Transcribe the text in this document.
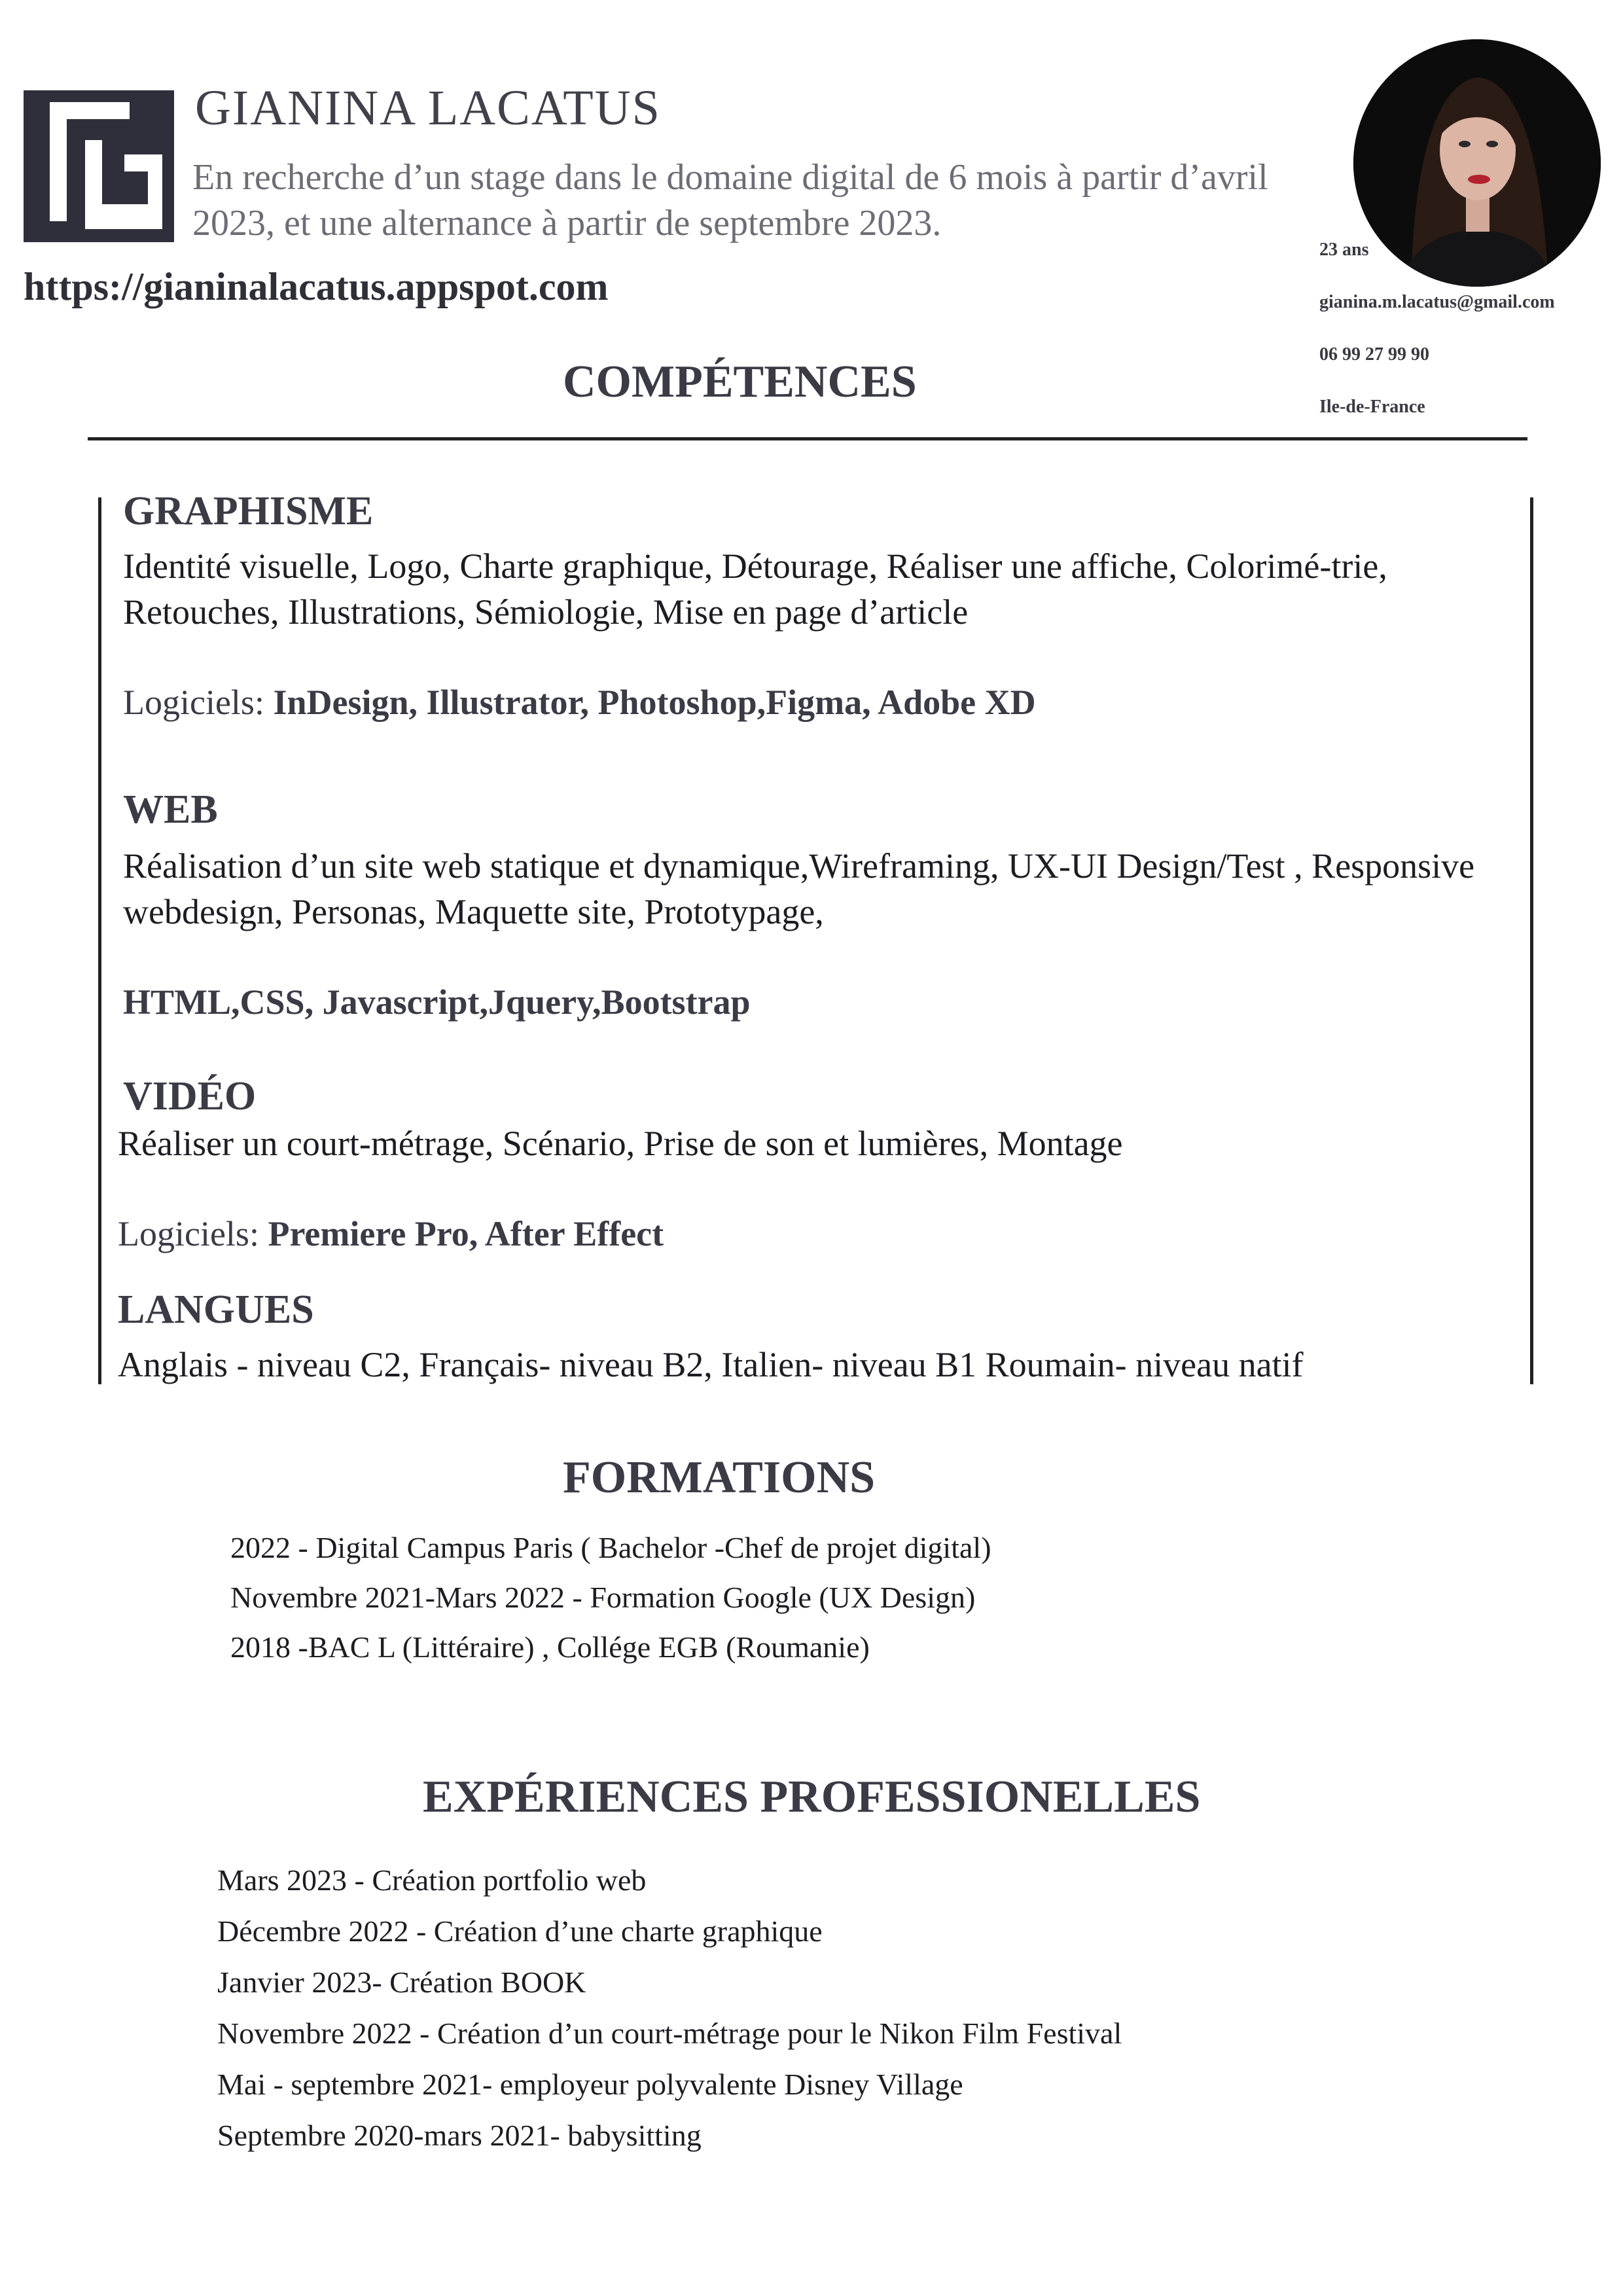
GIANINA LACATUS
En recherche d’un stage dans le domaine digital de 6 mois à partir d’avril 2023, et une alternance à partir de septembre 2023.
https://gianinalacatus.appspot.com
23 ans
gianina.m.lacatus@gmail.com
06 99 27 99 90
Ile-de-France
COMPÉTENCES
GRAPHISME
Identité visuelle, Logo, Charte graphique, Détourage, Réaliser une affiche, Colorimé-trie, Retouches, Illustrations, Sémiologie, Mise en page d’article
Logiciels: InDesign, Illustrator, Photoshop,Figma, Adobe XD
WEB
Réalisation d’un site web statique et dynamique,Wireframing, UX-UI Design/Test , Responsive webdesign, Personas, Maquette site, Prototypage,
HTML,CSS, Javascript,Jquery,Bootstrap
VIDÉO
Réaliser un court-métrage, Scénario, Prise de son et lumières, Montage
Logiciels: Premiere Pro, After Effect
LANGUES
Anglais - niveau C2, Français- niveau B2, Italien- niveau B1 Roumain- niveau natif
FORMATIONS
2022 - Digital Campus Paris ( Bachelor -Chef de projet digital)
Novembre 2021-Mars 2022 - Formation Google (UX Design)
2018 -BAC L (Littéraire) , Collége EGB (Roumanie)
EXPÉRIENCES PROFESSIONELLES
Mars 2023 - Création portfolio web
Décembre 2022 - Création d’une charte graphique
Janvier 2023- Création BOOK
Novembre 2022 - Création d’un court-métrage pour le Nikon Film Festival
Mai - septembre 2021- employeur polyvalente Disney Village
Septembre 2020-mars 2021- babysitting
